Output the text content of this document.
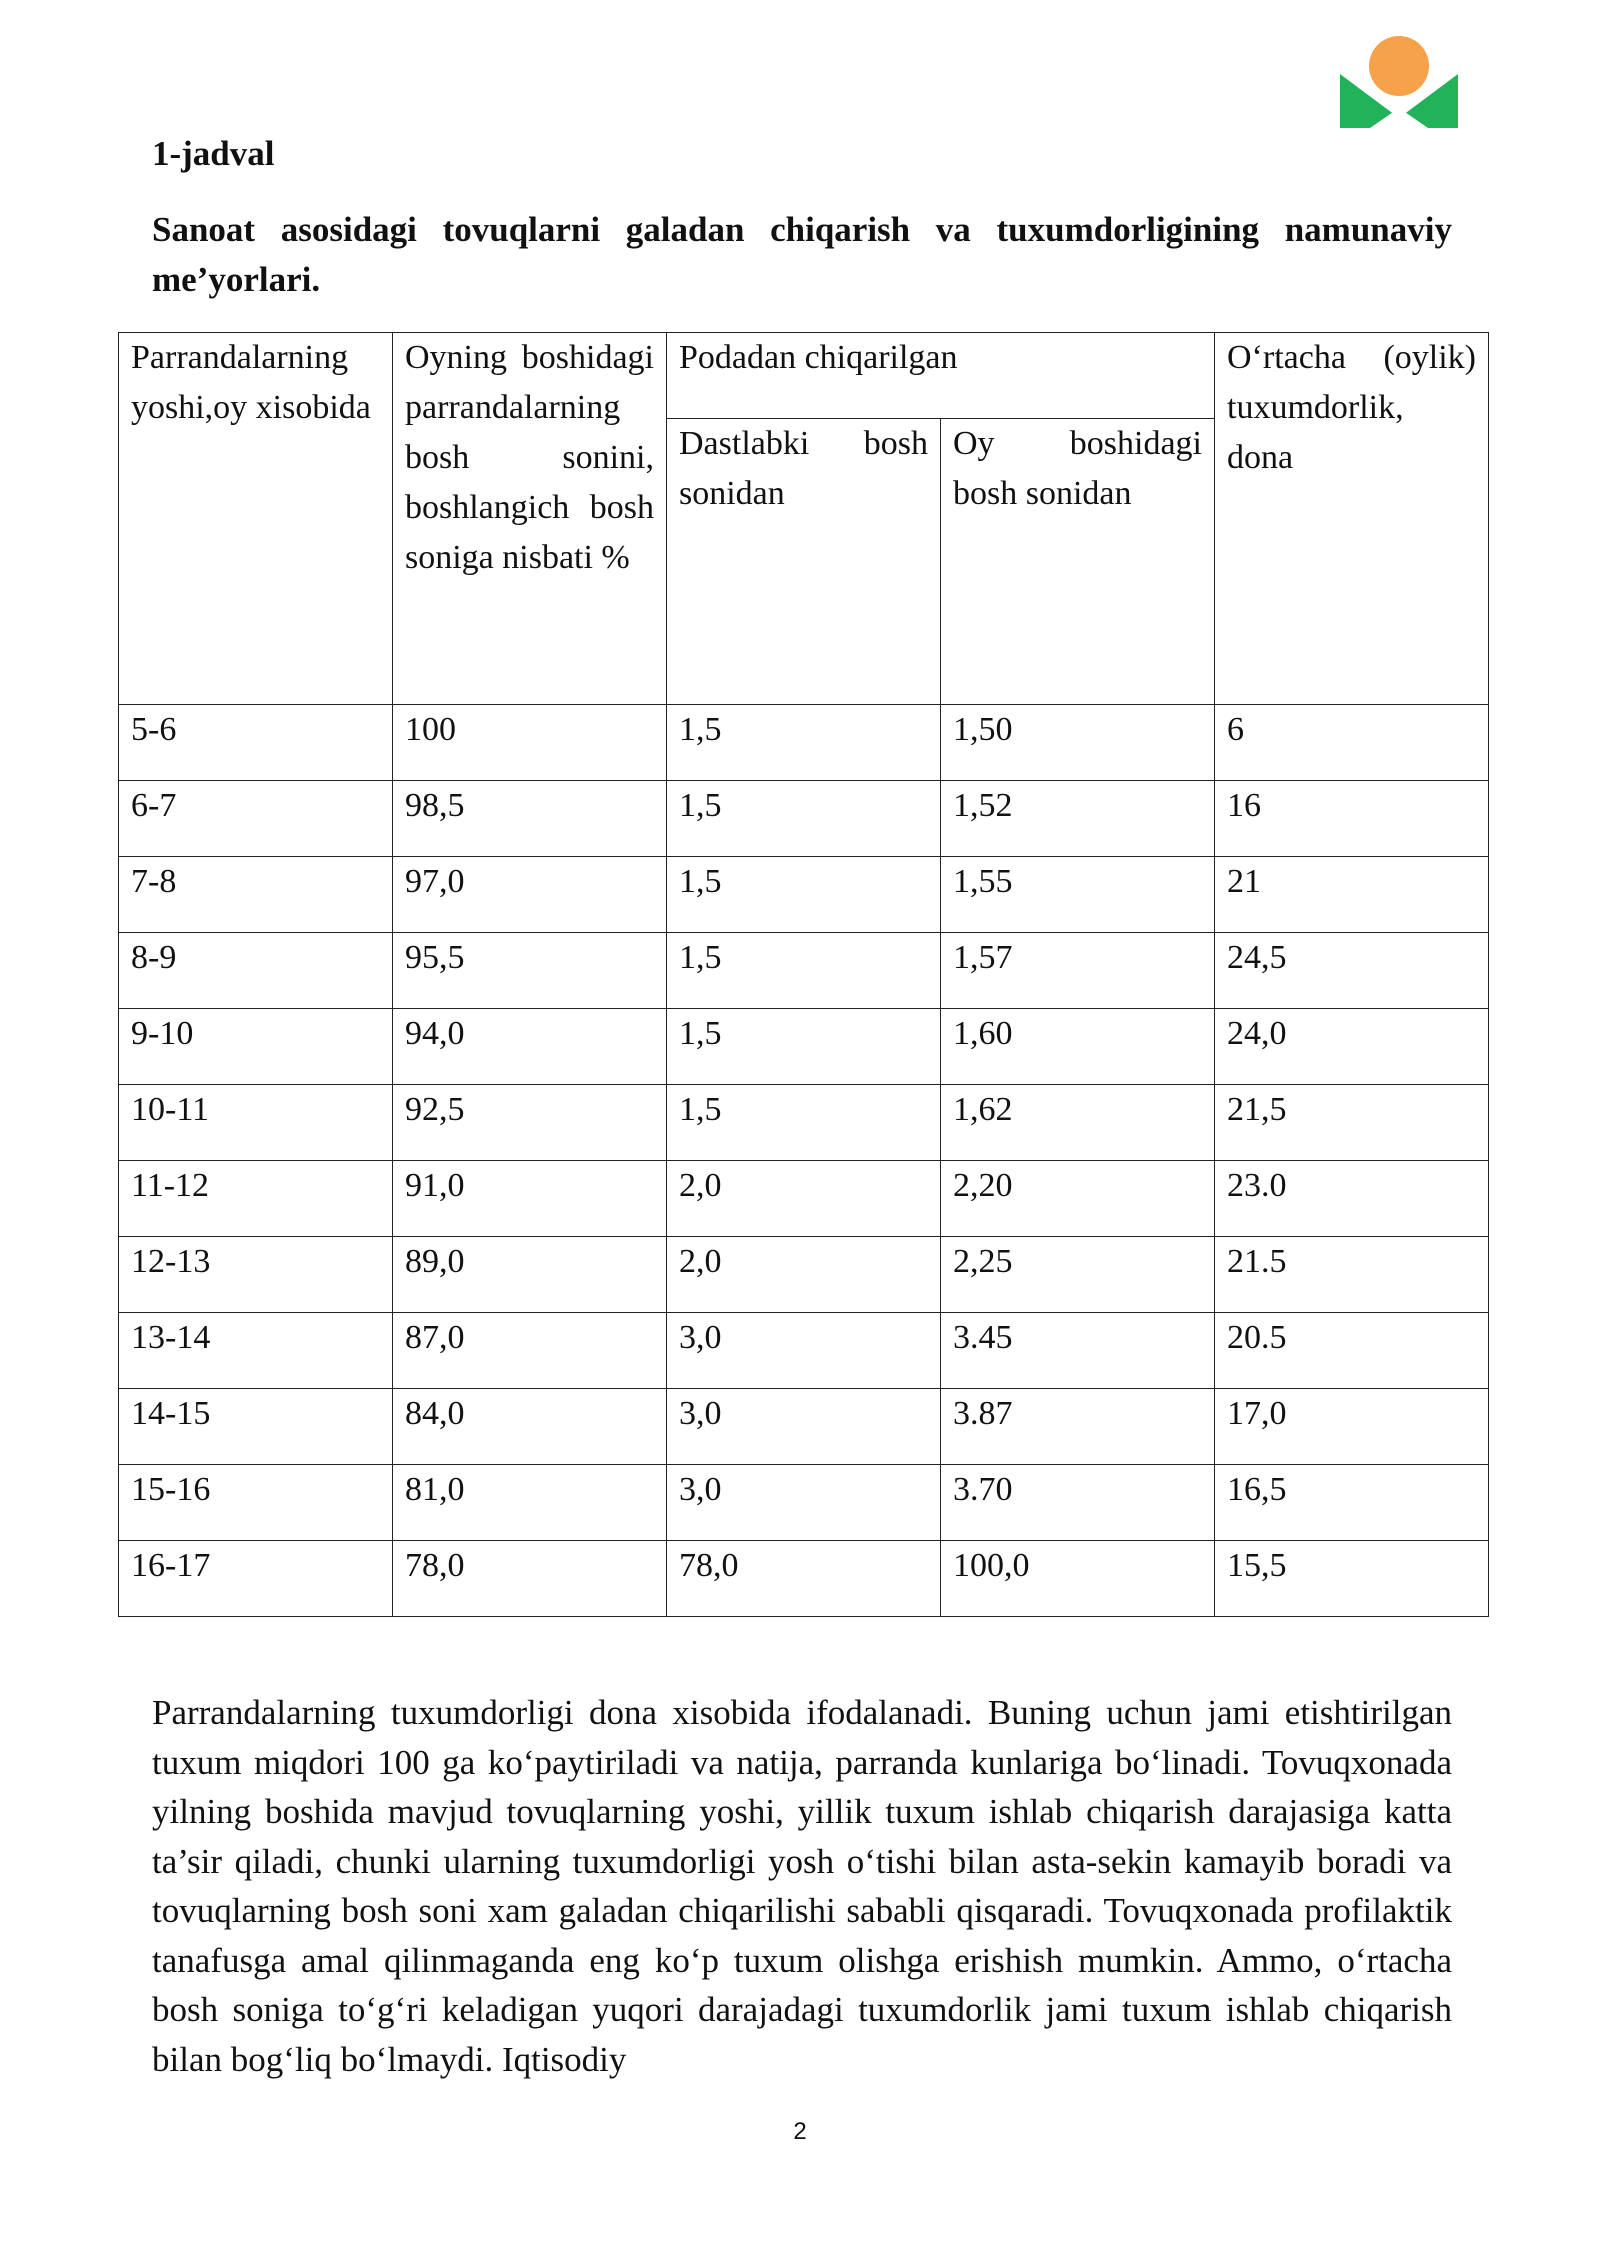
1-jadval
Sanoat asosidagi tovuqlarni galadan chiqarish va tuxumdorligining namunaviy me’yorlari.
Parrandalarning yoshi,oy xisobida	Oyning boshidagi parrandalarning bosh sonini, boshlangich bosh soniga nisbati %	Podadan chiqarilgan		O‘rtacha (oylik) tuxumdorlik, dona
		Dastlabki bosh sonidan	Oy boshidagi bosh sonidan	
5-6	100	1,5	1,50	6
6-7	98,5	1,5	1,52	16
7-8	97,0	1,5	1,55	21
8-9	95,5	1,5	1,57	24,5
9-10	94,0	1,5	1,60	24,0
10-11	92,5	1,5	1,62	21,5
11-12	91,0	2,0	2,20	23.0
12-13	89,0	2,0	2,25	21.5
13-14	87,0	3,0	3.45	20.5
14-15	84,0	3,0	3.87	17,0
15-16	81,0	3,0	3.70	16,5
16-17	78,0	78,0	100,0	15,5
Parrandalarning tuxumdorligi dona xisobida ifodalanadi. Buning uchun jami etishtirilgan tuxum miqdori 100 ga ko‘paytiriladi va natija, parranda kunlariga bo‘linadi. Tovuqxonada yilning boshida mavjud tovuqlarning yoshi, yillik tuxum ishlab chiqarish darajasiga katta ta’sir qiladi, chunki ularning tuxumdorligi yosh o‘tishi bilan asta-sekin kamayib boradi va tovuqlarning bosh soni xam galadan chiqarilishi sababli qisqaradi. Tovuqxonada profilaktik tanafusga amal qilinmaganda eng ko‘p tuxum olishga erishish mumkin. Ammo, o‘rtacha bosh soniga to‘g‘ri keladigan yuqori darajadagi tuxumdorlik jami tuxum ishlab chiqarish bilan bog‘liq bo‘lmaydi. Iqtisodiy
2
